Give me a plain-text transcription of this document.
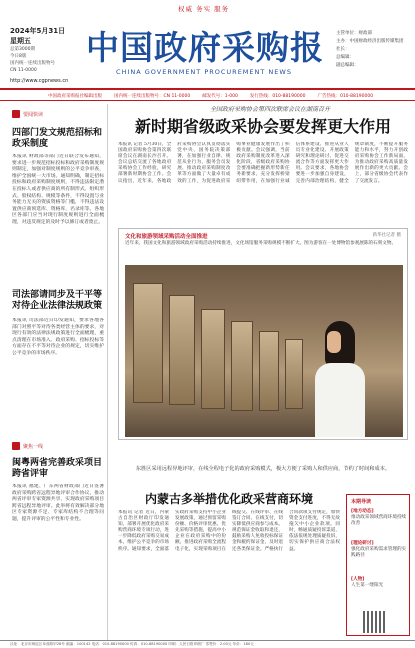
权威 务实 服务
2024年5月31日
星期五
总第3000期
今日8版
国内统一连续出版物号
CN 11-0000
http://www.cgpnews.cn
中国政府采购报
CHINA GOVERNMENT PROCUREMENT NEWS
主管单位：财政部
主办：中国财政经济出版传媒集团
社长：
总编辑：
副总编辑：
中国政府采购报社编辑出版	国内统一连续出版物号：CN 11-0000	邮发代号：1-000	发行热线：010-88190000	广告热线：010-88190000
要闻快读
四部门发文规范招标和政采制度
本报讯 财政部等部门近日联合发布通知，要求进一步规范招标投标和政府采购制度规则制定，加强对制度规则的公平竞争审查，维护全国统一大市场。通知明确，制定招标投标和政府采购制度规则，不得违法限定潜在投标人或者供应商的所有制形式、组织形式、股权结构、规模等条件，不得设置与业务能力无关的资质资格等门槛，不得违法设置供应商预选库、资格库、名录库等。各地区各部门应当对现行制度规则进行全面梳理，对违反规定的及时予以修订或者废止。
司法部请同步及干平等对待企业法律法规政策
本报讯 司法部近日印发通知，要求各地各部门对照平等对待各类经营主体的要求，对现行有效的法律法规政策进行全面梳理，重点清理在市场准入、政府采购、招标投标等方面存在不平等对待企业的规定，切实维护公平竞争的市场秩序。
聚焦一线
闽粤两省完善政采项目跨省评审
本报讯 福建、广东两省财政部门近日签署政府采购跨省远程异地评审合作协议，推动两省评审专家资源共享，实现政府采购项目跨省远程异地评审。此举将有效解决部分地区专家资源不足、专家库结构不合理等问题，提升评审的公平性和专业性。
全国政府采购协会第四次联席会议在湖南召开
新时期省级政采协会要发挥更大作用
本报讯 记者 5月30日，全国政府采购协会第四次联席会议在湖南长沙召开。会议总结交流了各地政府采购协会工作经验，研究部署新时期协会工作。会议指出，近年来，各地政府采购协会认真贯彻落实党中央、国务院决策部署，在加强行业自律、规范从业行为、服务会员发展、推动政府采购制度改革等方面做了大量卓有成效的工作，为促进政府采购事业健康发展作出了积极贡献。会议强调，当前政府采购制度改革进入深化阶段，省级政府采购协会要准确把握新形势新任务新要求，充分发挥桥梁纽带作用，在加强行业诚信体系建设、推进从业人员专业化建设、开展政策研究和理论研讨、促进交流合作等方面发挥更大作用。会议要求，各地协会要进一步加强自身建设，完善内部治理结构，健全规章制度，不断提升服务能力和水平，努力开创政府采购协会工作新局面，为推动政府采购高质量发展作出新的更大贡献。会上，部分省级协会代表作了交流发言。
文化和旅游领域采购活动全面推进	新华社记者 摄
近年来，我国文化和旅游领域政府采购活动持续推进，文化场馆服务采购规模不断扩大。图为游客在一处博物馆参观展陈的石刻文物。
东胜区采用远程异地评审，在线全程电子化的政府采购模式，极大方便了采购人和供应商，节约了时间和成本。
内蒙古多举措优化政采营商环境
本报讯 记者 近日，内蒙古自治区财政厅印发通知，部署开展优化政府采购营商环境专项行动，进一步降低政府采购交易成本，维护公平竞争的市场秩序。通知要求，全面落实政府采购支持中小企业发展政策，通过预留采购份额、价格评审优惠、优先采购等措施，提高中小企业在政府采购中的份额。推进政府采购全流程电子化，实现采购项目在线提交、在线评审、在线签订合同、在线支付，切实降低供应商参与成本。规范保证金收取和退还，鼓励采购人免收投标保证金和履约保证金，及时退还各类保证金。严格执行合同款项支付规定，加快资金支付进度，不得无故拖欠中小企业款项。同时，畅通质疑投诉渠道，依法依规处理质疑投诉，切实保护供应商合法权益。
本期导读
[地方动态]
推动政采领域营商环境持续改善
[理论研讨]
强化政府采购需求管理的实践路径
[人物]
人生第一缕阳光
社址：北京市海淀区阜成路甲28号 邮编：100142 电话：010-88190000 传真：010-88190000 印刷：人民日报印刷厂 零售价：2.00元 年价：180元
